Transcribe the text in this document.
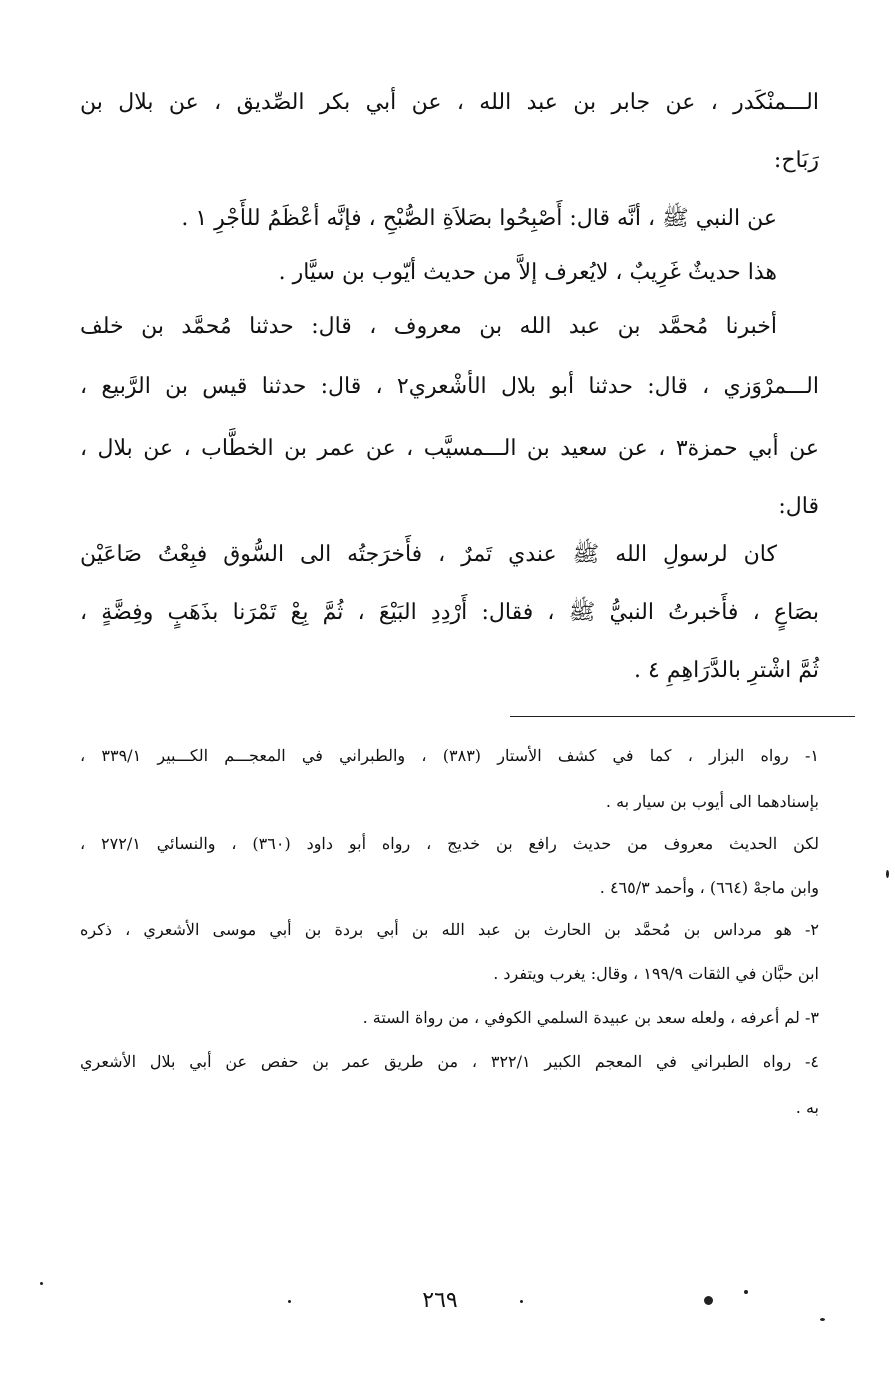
الـــمنْكَدر ، عن جابر بن عبد الله ، عن أبي بكر الصِّديق ، عن بلال بن
رَبَاح:
عن النبي ﷺ ، أنَّه قال: أَصْبِحُوا بصَلاَةِ الصُّبْحِ ، فإنَّه أعْظَمُ للأَجْرِ ١ .
هذا حديثٌ غَرِيبٌ ، لايُعرف إلاَّ من حديث أيّوب بن سيَّار .
أخبرنا مُحمَّد بن عبد الله بن معروف ، قال: حدثنا مُحمَّد بن خلف
الـــمرْوَزي ، قال: حدثنا أبو بلال الأشْعري٢ ، قال: حدثنا قيس بن الرَّبيع ،
عن أبي حمزة٣ ، عن سعيد بن الـــمسيَّب ، عن عمر بن الخطَّاب ، عن بلال ،
قال:
كان لرسولِ الله ﷺ عندي تَمرٌ ، فأَخرَجتُه الى السُّوق فبِعْتُ صَاعَيْن
بصَاعٍ ، فأَخبرتُ النبيُّ ﷺ ، فقال: أَرْدِدِ البَيْعَ ، ثُمَّ بِعْ تَمْرَنا بذَهَبٍ وفِضَّةٍ ،
ثُمَّ اشْترِ بالدَّرَاهِمِ ٤ .
١- رواه البزار ، كما في كشف الأستار (٣٨٣) ، والطبراني في المعجـــم الكـــبير ٣٣٩/١ ،
بإسنادهما الى أيوب بن سيار به .
لكن الحديث معروف من حديث رافع بن خديج ، رواه أبو داود (٣٦٠) ، والنسائي ٢٧٢/١ ،
وابن ماجهْ (٦٦٤) ، وأحمد ٤٦٥/٣ .
٢- هو مرداس بن مُحمَّد بن الحارث بن عبد الله بن أبي بردة بن أبي موسى الأشعري ، ذكره
ابن حبَّان في الثقات ١٩٩/٩ ، وقال: يغرب ويتفرد .
٣- لم أعرفه ، ولعله سعد بن عبيدة السلمي الكوفي ، من رواة الستة .
٤- رواه الطبراني في المعجم الكبير ٣٢٢/١ ، من طريق عمر بن حفص عن أبي بلال الأشعري
به .
٢٦٩
